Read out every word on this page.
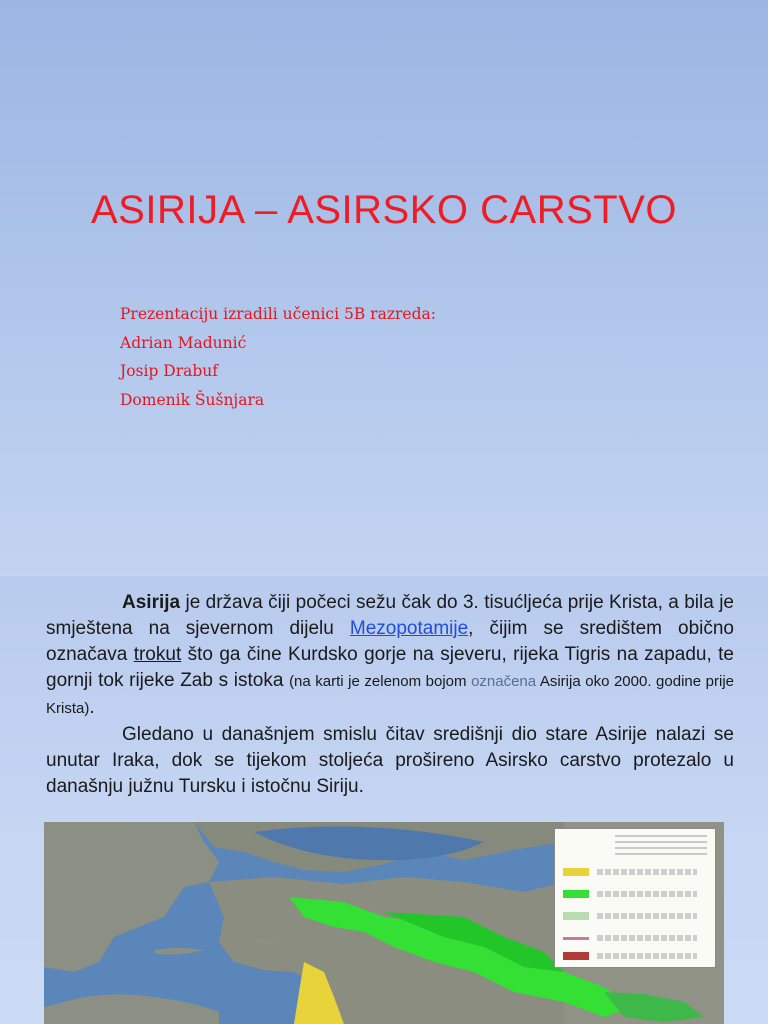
ASIRIJA – ASIRSKO CARSTVO
Prezentaciju izradili učenici 5B razreda:
Adrian Madunić
Josip Drabuf
Domenik Šušnjara

Asirija je država čiji počeci sežu čak do 3. tisućljeća prije Krista, a bila je smještena na sjevernom dijelu Mezopotamije, čijim se središtem obično označava trokut što ga čine Kurdsko gorje na sjeveru, rijeka Tigris na zapadu, te gornji tok rijeke Zab s istoka (na karti je zelenom bojom označena Asirija oko 2000. godine prije Krista).

Gledano u današnjem smislu čitav središnji dio stare Asirije nalazi se unutar Iraka, dok se tijekom stoljeća prošireno Asirsko carstvo protezalo u današnju južnu Tursku i istočnu Siriju.
